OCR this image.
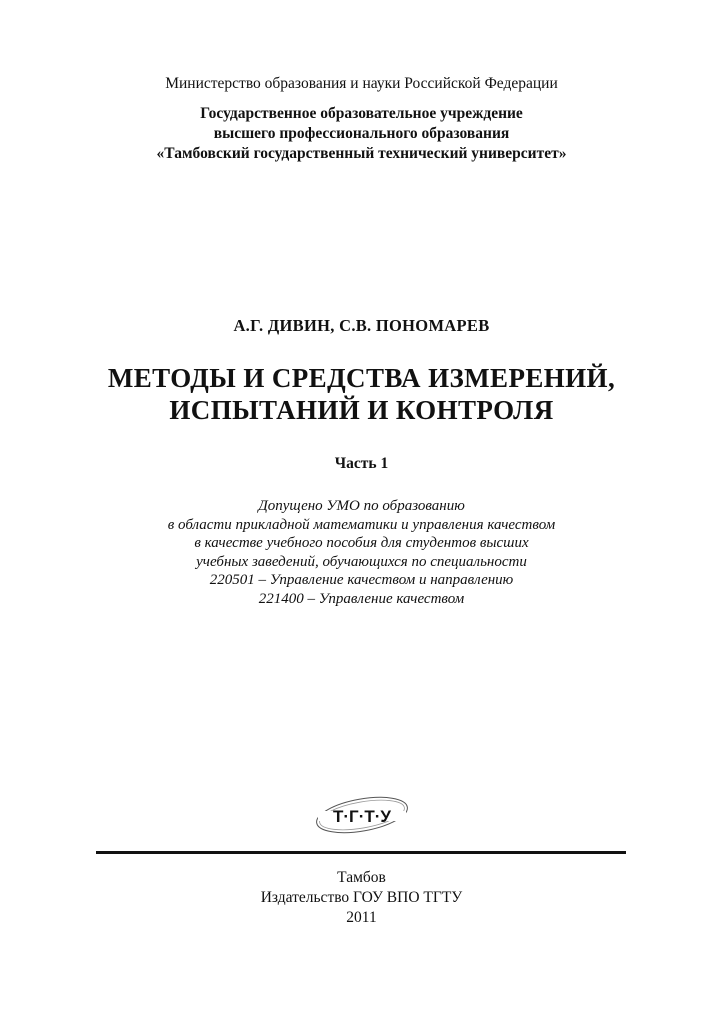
Министерство образования и науки Российской Федерации
Государственное образовательное учреждение
высшего профессионального образования
«Тамбовский государственный технический университет»
А.Г. ДИВИН, С.В. ПОНОМАРЕВ
МЕТОДЫ И СРЕДСТВА ИЗМЕРЕНИЙ,
ИСПЫТАНИЙ И КОНТРОЛЯ
Часть 1
Допущено УМО по образованию
в области прикладной математики и управления качеством
в качестве учебного пособия для студентов высших
учебных заведений, обучающихся по специальности
220501 – Управление качеством и направлению
221400 – Управление качеством
Т·Г·Т·У
Тамбов
Издательство ГОУ ВПО ТГТУ
2011
